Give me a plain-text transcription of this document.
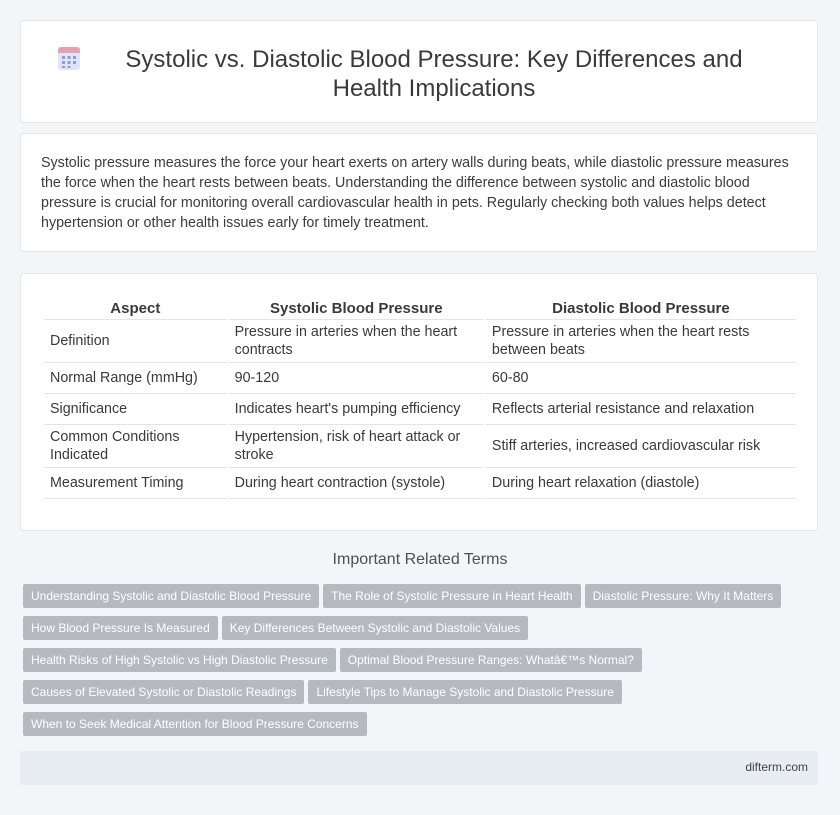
Systolic vs. Diastolic Blood Pressure: Key Differences and Health Implications

Systolic pressure measures the force your heart exerts on artery walls during beats, while diastolic pressure measures the force when the heart rests between beats. Understanding the difference between systolic and diastolic blood pressure is crucial for monitoring overall cardiovascular health in pets. Regularly checking both values helps detect hypertension or other health issues early for timely treatment.

Aspect	Systolic Blood Pressure	Diastolic Blood Pressure
Definition	Pressure in arteries when the heart contracts	Pressure in arteries when the heart rests between beats
Normal Range (mmHg)	90-120	60-80
Significance	Indicates heart's pumping efficiency	Reflects arterial resistance and relaxation
Common Conditions Indicated	Hypertension, risk of heart attack or stroke	Stiff arteries, increased cardiovascular risk
Measurement Timing	During heart contraction (systole)	During heart relaxation (diastole)
Important Related Terms
Understanding Systolic and Diastolic Blood Pressure The Role of Systolic Pressure in Heart Health Diastolic Pressure: Why It Matters
How Blood Pressure Is Measured Key Differences Between Systolic and Diastolic Values
Health Risks of High Systolic vs High Diastolic Pressure Optimal Blood Pressure Ranges: Whatâ€™s Normal?
Causes of Elevated Systolic or Diastolic Readings Lifestyle Tips to Manage Systolic and Diastolic Pressure
When to Seek Medical Attention for Blood Pressure Concerns
difterm.com
